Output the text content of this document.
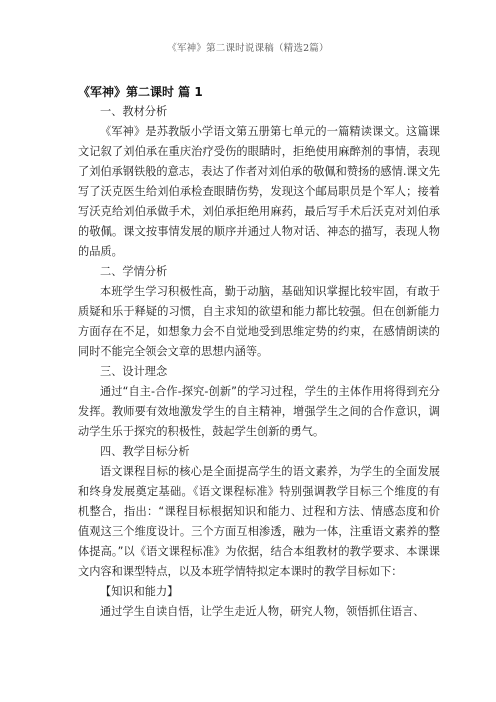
《军神》第二课时说课稿（精选2篇）

《军神》第二课时 篇 1

一、教材分析

《军神》是苏教版小学语文第五册第七单元的一篇精读课文。这篇课文记叙了刘伯承在重庆治疗受伤的眼睛时，拒绝使用麻醉剂的事情，表现了刘伯承钢铁般的意志，表达了作者对刘伯承的敬佩和赞扬的感情.课文先写了沃克医生给刘伯承检查眼睛伤势，发现这个邮局职员是个军人；接着写沃克给刘伯承做手术，刘伯承拒绝用麻药，最后写手术后沃克对刘伯承的敬佩。课文按事情发展的顺序并通过人物对话、神态的描写，表现人物的品质。

二、学情分析

本班学生学习积极性高，勤于动脑，基础知识掌握比较牢固，有敢于质疑和乐于释疑的习惯，自主求知的欲望和能力都比较强。但在创新能力方面存在不足，如想象力会不自觉地受到思维定势的约束，在感情朗读的同时不能完全领会文章的思想内涵等。

三、设计理念

通过“自主-合作-探究-创新”的学习过程，学生的主体作用将得到充分发挥。教师要有效地激发学生的自主精神，增强学生之间的合作意识，调动学生乐于探究的积极性，鼓起学生创新的勇气。

四、教学目标分析

语文课程目标的核心是全面提高学生的语文素养，为学生的全面发展和终身发展奠定基础。《语文课程标准》特别强调教学目标三个维度的有机整合，指出：“课程目标根据知识和能力、过程和方法、情感态度和价值观这三个维度设计。三个方面互相渗透，融为一体，注重语文素养的整体提高。”以《语文课程标准》为依据，结合本组教材的教学要求、本课课文内容和课型特点，以及本班学情特拟定本课时的教学目标如下：

【知识和能力】

通过学生自读自悟，让学生走近人物，研究人物，领悟抓住语言、
